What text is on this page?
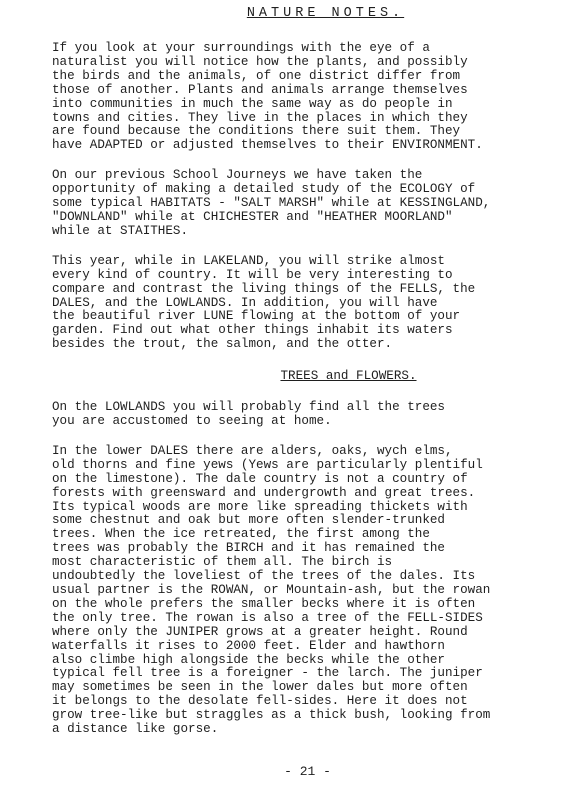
NATURE NOTES.
If you look at your surroundings with the eye of a
naturalist you will notice how the plants, and possibly
the birds and the animals, of one district differ from
those of another. Plants and animals arrange themselves
into communities in much the same way as do people in
towns and cities. They live in the places in which they
are found because the conditions there suit them. They
have ADAPTED or adjusted themselves to their ENVIRONMENT.
On our previous School Journeys we have taken the
opportunity of making a detailed study of the ECOLOGY of
some typical HABITATS - "SALT MARSH" while at KESSINGLAND,
"DOWNLAND" while at CHICHESTER and "HEATHER MOORLAND"
while at STAITHES.
This year, while in LAKELAND, you will strike almost
every kind of country. It will be very interesting to
compare and contrast the living things of the FELLS, the
DALES, and the LOWLANDS. In addition, you will have
the beautiful river LUNE flowing at the bottom of your
garden. Find out what other things inhabit its waters
besides the trout, the salmon, and the otter.
TREES and FLOWERS.
On the LOWLANDS you will probably find all the trees
you are accustomed to seeing at home.
In the lower DALES there are alders, oaks, wych elms,
old thorns and fine yews (Yews are particularly plentiful
on the limestone). The dale country is not a country of
forests with greensward and undergrowth and great trees.
Its typical woods are more like spreading thickets with
some chestnut and oak but more often slender-trunked
trees. When the ice retreated, the first among the
trees was probably the BIRCH and it has remained the
most characteristic of them all. The birch is
undoubtedly the loveliest of the trees of the dales. Its
usual partner is the ROWAN, or Mountain-ash, but the rowan
on the whole prefers the smaller becks where it is often
the only tree. The rowan is also a tree of the FELL-SIDES
where only the JUNIPER grows at a greater height. Round
waterfalls it rises to 2000 feet. Elder and hawthorn
also climbe high alongside the becks while the other
typical fell tree is a foreigner - the larch. The juniper
may sometimes be seen in the lower dales but more often
it belongs to the desolate fell-sides. Here it does not
grow tree-like but straggles as a thick bush, looking from
a distance like gorse.
- 21 -
